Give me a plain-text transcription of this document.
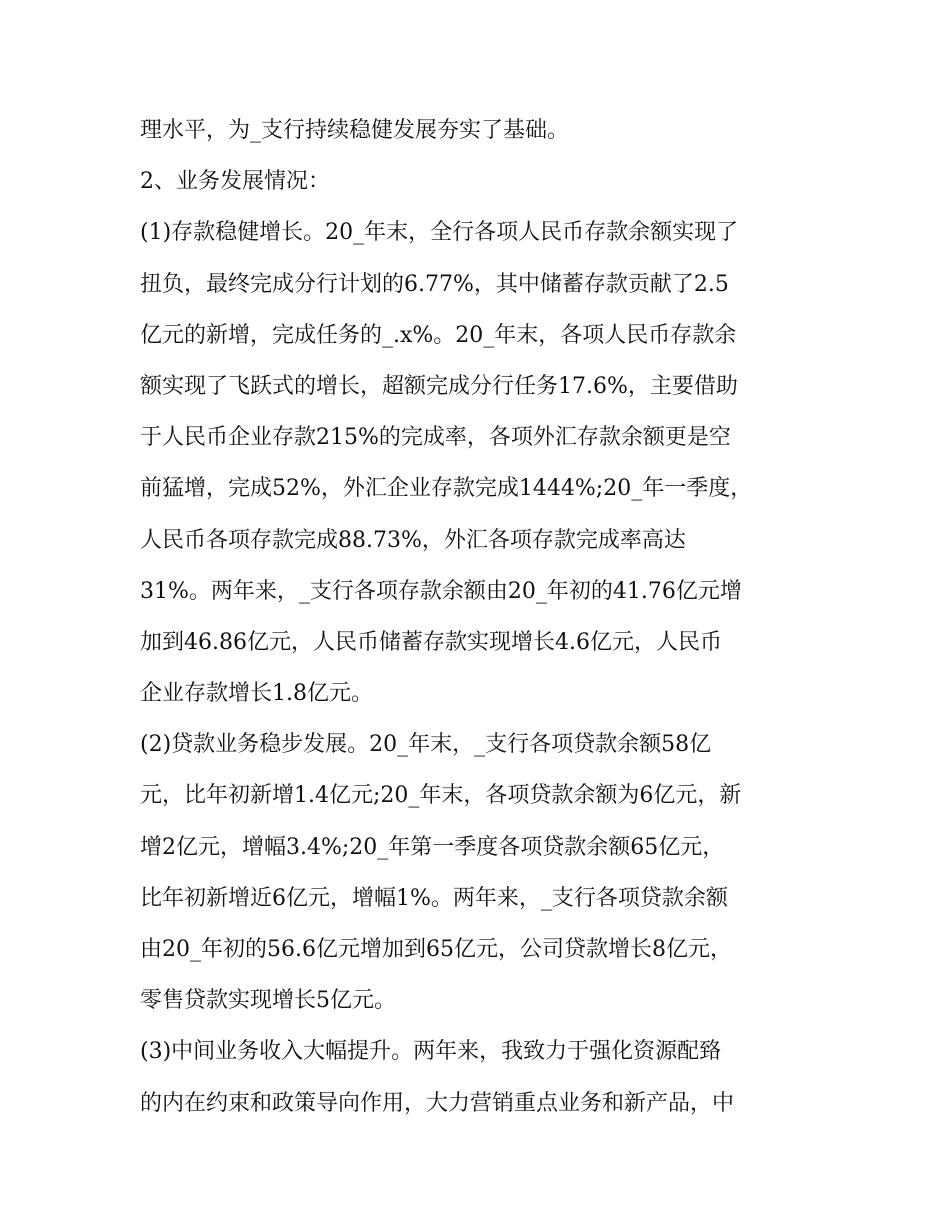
理水平，为_支行持续稳健发展夯实了基础。
2、业务发展情况：
(1)存款稳健增长。20_年末，全行各项人民币存款余额实现了
扭负，最终完成分行计划的6.77%，其中储蓄存款贡献了2.5
亿元的新增，完成任务的_.x%。20_年末，各项人民币存款余
额实现了飞跃式的增长，超额完成分行任务17.6%，主要借助
于人民币企业存款215%的完成率，各项外汇存款余额更是空
前猛增，完成52%，外汇企业存款完成1444%;20_年一季度，
人民币各项存款完成88.73%，外汇各项存款完成率高达
31%。两年来，_支行各项存款余额由20_年初的41.76亿元增
加到46.86亿元，人民币储蓄存款实现增长4.6亿元，人民币
企业存款增长1.8亿元。
(2)贷款业务稳步发展。20_年末，_支行各项贷款余额58亿
元，比年初新增1.4亿元;20_年末，各项贷款余额为6亿元，新
增2亿元，增幅3.4%;20_年第一季度各项贷款余额65亿元，
比年初新增近6亿元，增幅1%。两年来，_支行各项贷款余额
由20_年初的56.6亿元增加到65亿元，公司贷款增长8亿元，
零售贷款实现增长5亿元。
(3)中间业务收入大幅提升。两年来，我致力于强化资源配臵
的内在约束和政策导向作用，大力营销重点业务和新产品，中
